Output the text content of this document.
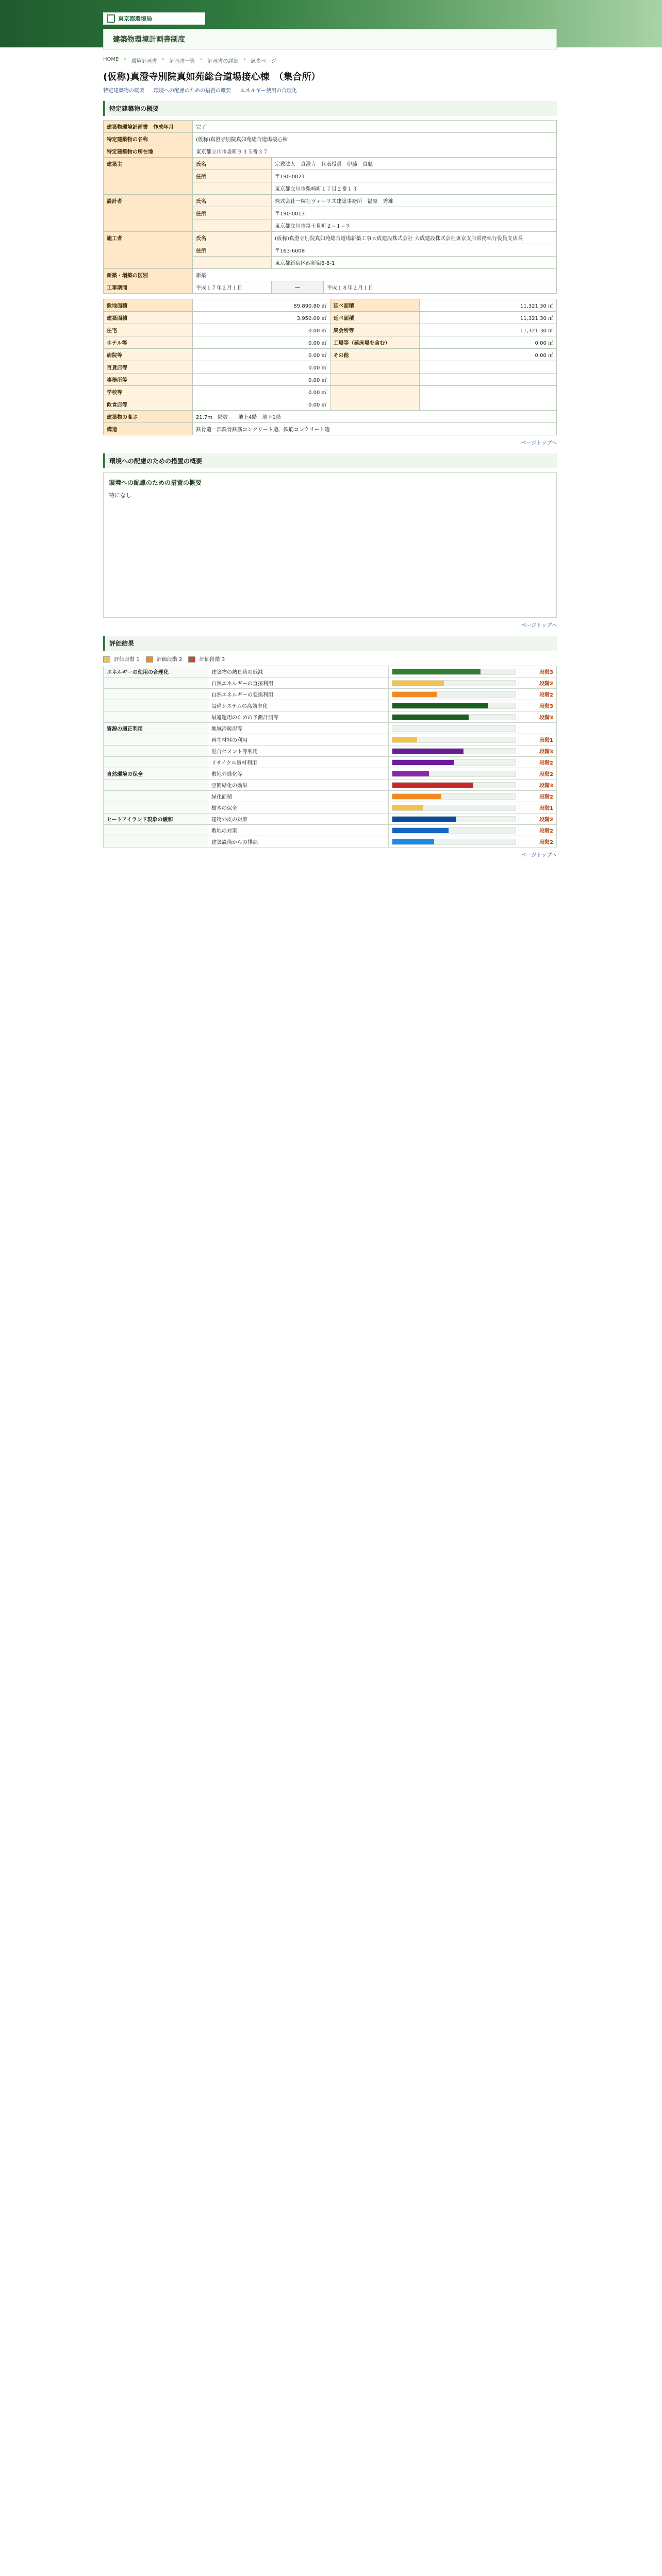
東京都環境局
建築物環境計画書制度
HOME › 環境計画書 › 計画書一覧 › 計画書の詳細 › 該当ページ
(仮称)真澄寺別院真如苑総合道場接心棟　（集合所）
特定建築物の概要 環境への配慮のための措置の概要 エネルギー使用の合理化
特定建築物の概要
建築物環境計画書　作成年月	完了		
特定建築物の名称	(仮称)真澄寺別院真如苑総合道場接心棟		
特定建築物の所在地	東京都立川市泉町９３５番３７		
建築主	氏名	宗教法人　真澄寺　代表役員　伊藤　真聰	
	住所	〒190-0021	
		東京都立川市柴崎町１丁目２番１３	
設計者	氏名	株式会社一粒社ヴォーリズ建築事務所　福原　秀雄	
	住所	〒190-0013	
		東京都立川市富士見町２−１−９	
施工者	氏名	(仮称)真澄寺別院真如苑総合道場新築工事大成建設株式会社 大成建設株式会社東京支店常務執行役員支店長	
	住所	〒163-6008	
		東京都新宿区西新宿6-8-1	
新築・増築の区別	新築		
工事期間	平成１７年２月１日	〜	平成１８年２月１日
敷地面積	89,890.80 ㎡	延べ面積	11,321.30 ㎡
建築面積	3,950.09 ㎡	延べ面積	11,321.30 ㎡
住宅	0.00 ㎡	集会所等	11,321.30 ㎡
ホテル等	0.00 ㎡	工場等（延床場を含む）	0.00 ㎡
病院等	0.00 ㎡	その他	0.00 ㎡
百貨店等	0.00 ㎡		
事務所等	0.00 ㎡		
学校等	0.00 ㎡		
飲食店等	0.00 ㎡		
建築物の高さ	21.7m　階数　　地上4階　地下1階		
構造	鉄骨造一部鉄骨鉄筋コンクリート造、鉄筋コンクリート造		
ページトップへ
環境への配慮のための措置の概要
環境への配慮のための措置の概要
特になし
ページトップへ
評価結果
評価段階 1	評価段階 2	評価段階 3
エネルギーの使用の合理化	建築物の熱負荷の低減		段階3
	自然エネルギーの直接利用		段階2
	自然エネルギーの変換利用		段階2
	設備システムの高効率化		段階3
	最適運用のための予測計測等		段階3
資源の適正利用	地域冷暖房等	

	再生材料の利用		段階1
	混合セメント等利用		段階3
	リサイクル資材利用		段階2
自然環境の保全	敷地外緑化等		段階2
	空間緑化の効果		段階3
	緑化面積		段階2
	樹木の保全		段階1
ヒートアイランド現象の緩和	建物外皮の対策		段階2
	敷地の対策		段階2
	建築設備からの排熱		段階2
ページトップへ
